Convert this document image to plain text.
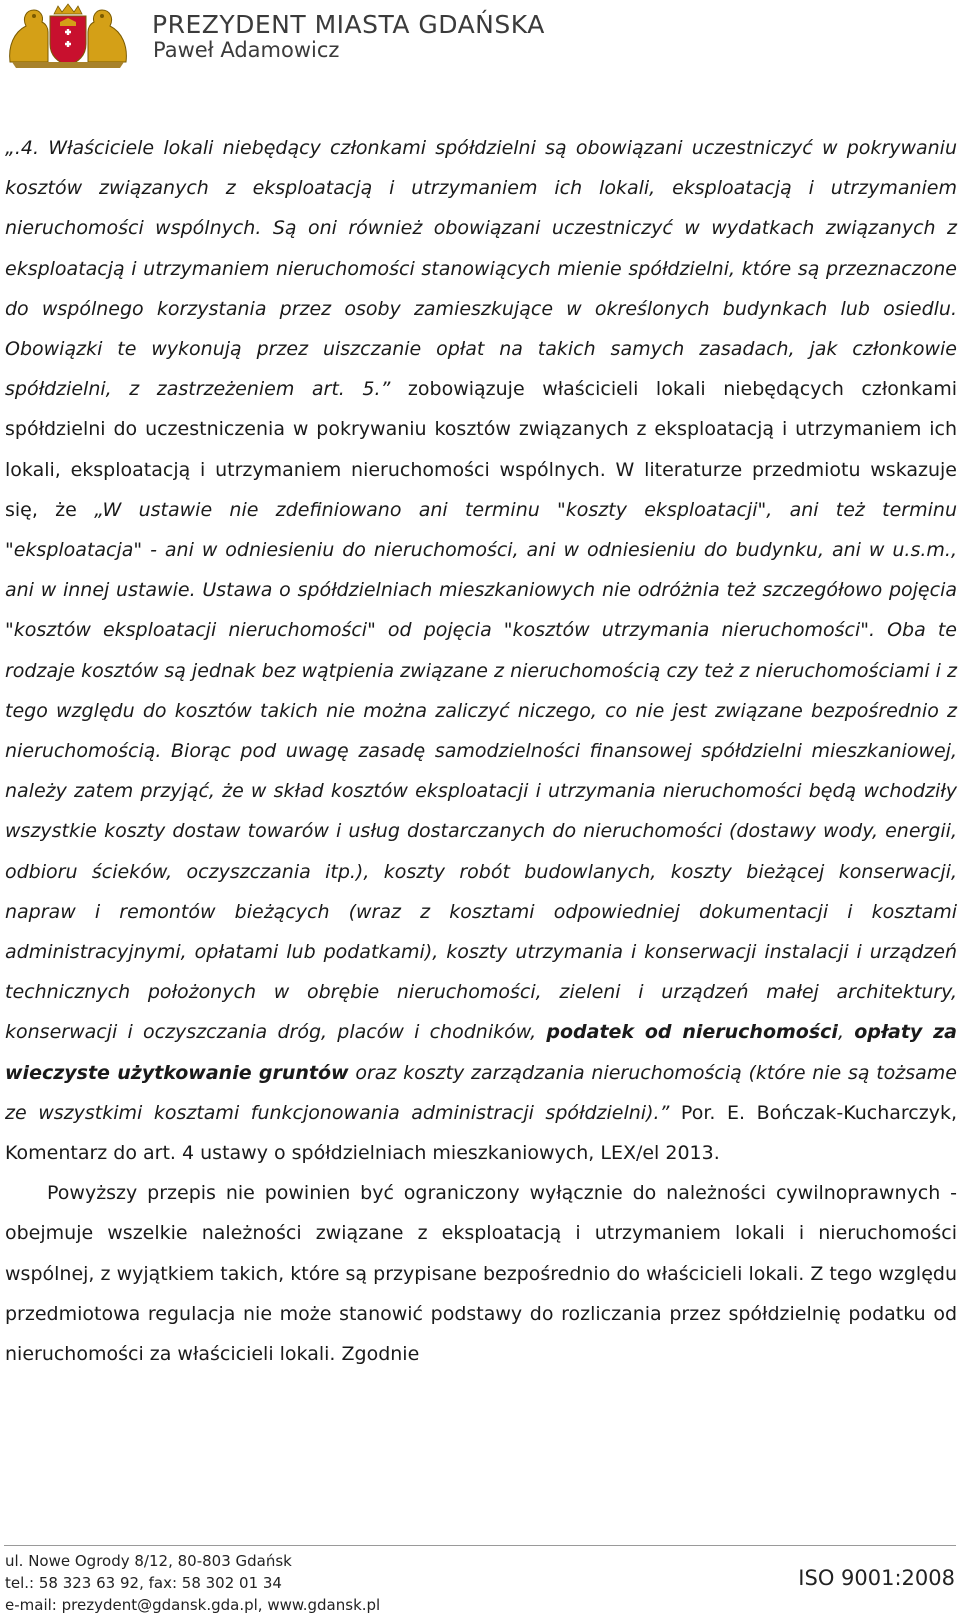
PREZYDENT MIASTA GDAŃSKA
Paweł Adamowicz

„.4. Właściciele lokali niebędący członkami spółdzielni są obowiązani uczestniczyć w pokrywaniu kosztów związanych z eksploatacją i utrzymaniem ich lokali, eksploatacją i utrzymaniem nieruchomości wspólnych. Są oni również obowiązani uczestniczyć w wydatkach związanych z eksploatacją i utrzymaniem nieruchomości stanowiących mienie spółdzielni, które są przeznaczone do wspólnego korzystania przez osoby zamieszkujące w określonych budynkach lub osiedlu. Obowiązki te wykonują przez uiszczanie opłat na takich samych zasadach, jak członkowie spółdzielni, z zastrzeżeniem art. 5.” zobowiązuje właścicieli lokali niebędących członkami spółdzielni do uczestniczenia w pokrywaniu kosztów związanych z eksploatacją i utrzymaniem ich lokali, eksploatacją i utrzymaniem nieruchomości wspólnych. W literaturze przedmiotu wskazuje się, że „W ustawie nie zdefiniowano ani terminu "koszty eksploatacji", ani też terminu "eksploatacja" - ani w odniesieniu do nieruchomości, ani w odniesieniu do budynku, ani w u.s.m., ani w innej ustawie. Ustawa o spółdzielniach mieszkaniowych nie odróżnia też szczegółowo pojęcia "kosztów eksploatacji nieruchomości" od pojęcia "kosztów utrzymania nieruchomości". Oba te rodzaje kosztów są jednak bez wątpienia związane z nieruchomością czy też z nieruchomościami i z tego względu do kosztów takich nie można zaliczyć niczego, co nie jest związane bezpośrednio z nieruchomością. Biorąc pod uwagę zasadę samodzielności finansowej spółdzielni mieszkaniowej, należy zatem przyjąć, że w skład kosztów eksploatacji i utrzymania nieruchomości będą wchodziły wszystkie koszty dostaw towarów i usług dostarczanych do nieruchomości (dostawy wody, energii, odbioru ścieków, oczyszczania itp.), koszty robót budowlanych, koszty bieżącej konserwacji, napraw i remontów bieżących (wraz z kosztami odpowiedniej dokumentacji i kosztami administracyjnymi, opłatami lub podatkami), koszty utrzymania i konserwacji instalacji i urządzeń technicznych położonych w obrębie nieruchomości, zieleni i urządzeń małej architektury, konserwacji i oczyszczania dróg, placów i chodników, podatek od nieruchomości, opłaty za wieczyste użytkowanie gruntów oraz koszty zarządzania nieruchomością (które nie są tożsame ze wszystkimi kosztami funkcjonowania administracji spółdzielni).” Por. E. Bończak-Kucharczyk, Komentarz do art. 4 ustawy o spółdzielniach mieszkaniowych, LEX/el 2013.

Powyższy przepis nie powinien być ograniczony wyłącznie do należności cywilnoprawnych - obejmuje wszelkie należności związane z eksploatacją i utrzymaniem lokali i nieruchomości wspólnej, z wyjątkiem takich, które są przypisane bezpośrednio do właścicieli lokali. Z tego względu przedmiotowa regulacja nie może stanowić podstawy do rozliczania przez spółdzielnię podatku od nieruchomości za właścicieli lokali. Zgodnie

ul. Nowe Ogrody 8/12, 80-803 Gdańsk
tel.: 58 323 63 92, fax: 58 302 01 34
e-mail: prezydent@gdansk.gda.pl, www.gdansk.pl
ISO 9001:2008
